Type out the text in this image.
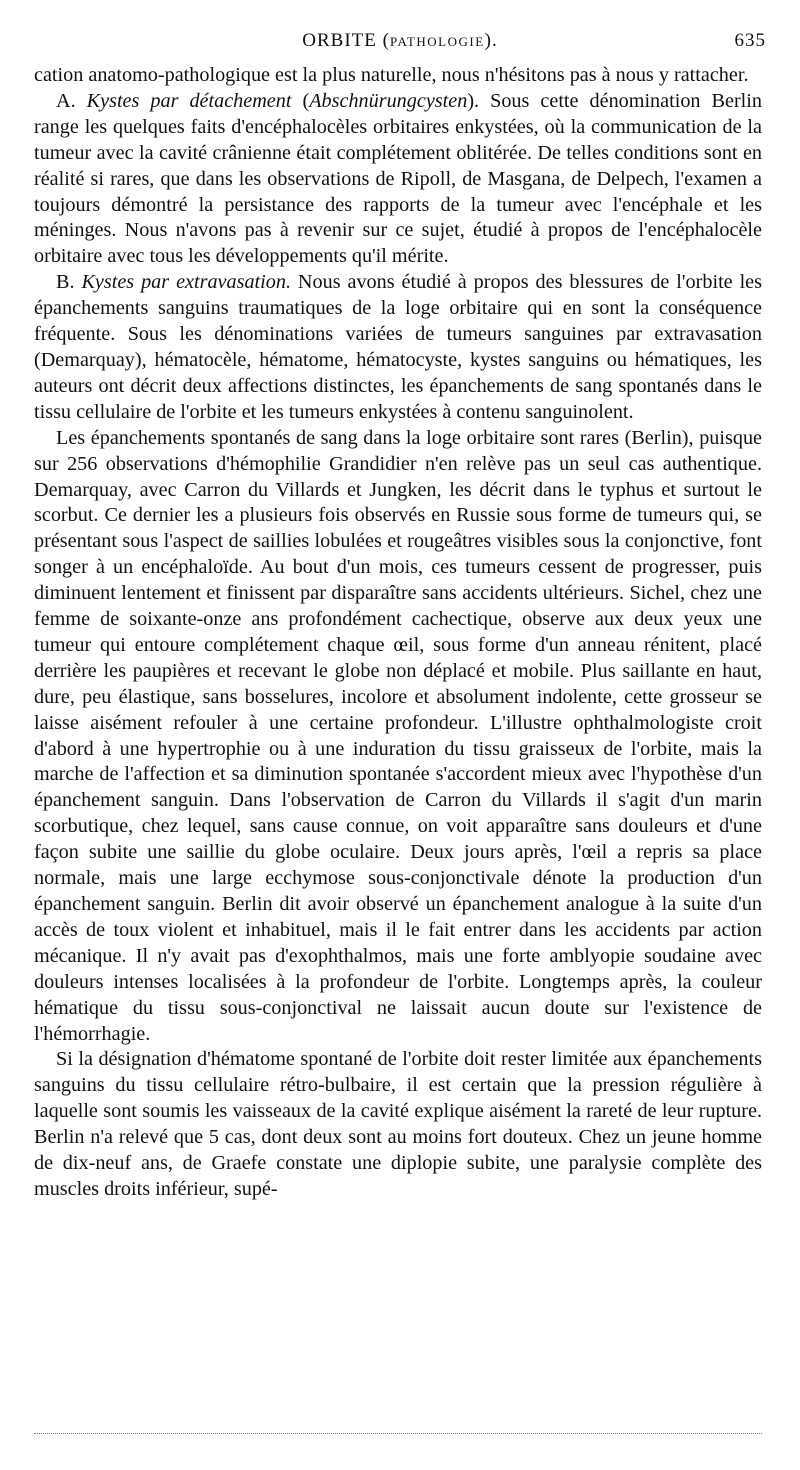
ORBITE (PATHOLOGIE).	635

cation anatomo-pathologique est la plus naturelle, nous n'hésitons pas à nous y rattacher.

A. Kystes par détachement (Abschnürungcysten). Sous cette dénomination Berlin range les quelques faits d'encéphalocèles orbitaires enkystées, où la communication de la tumeur avec la cavité crânienne était complétement oblitérée. De telles conditions sont en réalité si rares, que dans les observations de Ripoll, de Masgana, de Delpech, l'examen a toujours démontré la persistance des rapports de la tumeur avec l'encéphale et les méninges. Nous n'avons pas à revenir sur ce sujet, étudié à propos de l'encéphalocèle orbitaire avec tous les développements qu'il mérite.

B. Kystes par extravasation. Nous avons étudié à propos des blessures de l'orbite les épanchements sanguins traumatiques de la loge orbitaire qui en sont la conséquence fréquente. Sous les dénominations variées de tumeurs sanguines par extravasation (Demarquay), hématocèle, hématome, hématocyste, kystes sanguins ou hématiques, les auteurs ont décrit deux affections distinctes, les épanchements de sang spontanés dans le tissu cellulaire de l'orbite et les tumeurs enkystées à contenu sanguinolent.

Les épanchements spontanés de sang dans la loge orbitaire sont rares (Berlin), puisque sur 256 observations d'hémophilie Grandidier n'en relève pas un seul cas authentique. Demarquay, avec Carron du Villards et Jungken, les décrit dans le typhus et surtout le scorbut. Ce dernier les a plusieurs fois observés en Russie sous forme de tumeurs qui, se présentant sous l'aspect de saillies lobulées et rougeâtres visibles sous la conjonctive, font songer à un encéphaloïde. Au bout d'un mois, ces tumeurs cessent de progresser, puis diminuent lentement et finissent par disparaître sans accidents ultérieurs. Sichel, chez une femme de soixante-onze ans profondément cachectique, observe aux deux yeux une tumeur qui entoure complétement chaque œil, sous forme d'un anneau rénitent, placé derrière les paupières et recevant le globe non déplacé et mobile. Plus saillante en haut, dure, peu élastique, sans bosselures, incolore et absolument indolente, cette grosseur se laisse aisément refouler à une certaine profondeur. L'illustre ophthalmologiste croit d'abord à une hypertrophie ou à une induration du tissu graisseux de l'orbite, mais la marche de l'affection et sa diminution spontanée s'accordent mieux avec l'hypothèse d'un épanchement sanguin. Dans l'observation de Carron du Villards il s'agit d'un marin scorbutique, chez lequel, sans cause connue, on voit apparaître sans douleurs et d'une façon subite une saillie du globe oculaire. Deux jours après, l'œil a repris sa place normale, mais une large ecchymose sous-conjonctivale dénote la production d'un épanchement sanguin. Berlin dit avoir observé un épanchement analogue à la suite d'un accès de toux violent et inhabituel, mais il le fait entrer dans les accidents par action mécanique. Il n'y avait pas d'exophthalmos, mais une forte amblyopie soudaine avec douleurs intenses localisées à la profondeur de l'orbite. Longtemps après, la couleur hématique du tissu sous-conjonctival ne laissait aucun doute sur l'existence de l'hémorrhagie.

Si la désignation d'hématome spontané de l'orbite doit rester limitée aux épanchements sanguins du tissu cellulaire rétro-bulbaire, il est certain que la pression régulière à laquelle sont soumis les vaisseaux de la cavité explique aisément la rareté de leur rupture. Berlin n'a relevé que 5 cas, dont deux sont au moins fort douteux. Chez un jeune homme de dix-neuf ans, de Graefe constate une diplopie subite, une paralysie complète des muscles droits inférieur, supé-
